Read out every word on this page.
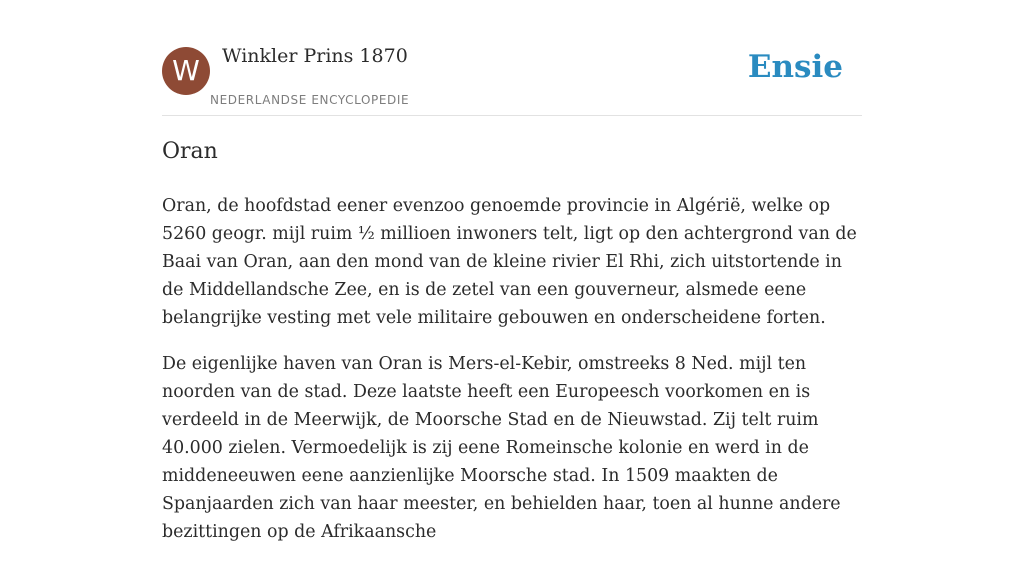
W	Winkler Prins 1870
NEDERLANDSE ENCYCLOPEDIE
Ensie
Oran

Oran, de hoofdstad eener evenzoo genoemde provincie in Algérië, welke op 5260 geogr. mijl ruim ½ millioen inwoners telt, ligt op den achtergrond van de Baai van Oran, aan den mond van de kleine rivier El Rhi, zich uitstortende in de Middellandsche Zee, en is de zetel van een gouverneur, alsmede eene belangrijke vesting met vele militaire gebouwen en onderscheidene forten.

De eigenlijke haven van Oran is Mers-el-Kebir, omstreeks 8 Ned. mijl ten noorden van de stad. Deze laatste heeft een Europeesch voorkomen en is verdeeld in de Meerwijk, de Moorsche Stad en de Nieuwstad. Zij telt ruim 40.000 zielen. Vermoedelijk is zij eene Romeinsche kolonie en werd in de middeneeuwen eene aanzienlijke Moorsche stad. In 1509 maakten de Spanjaarden zich van haar meester, en behielden haar, toen al hunne andere bezittingen op de Afrikaansche
